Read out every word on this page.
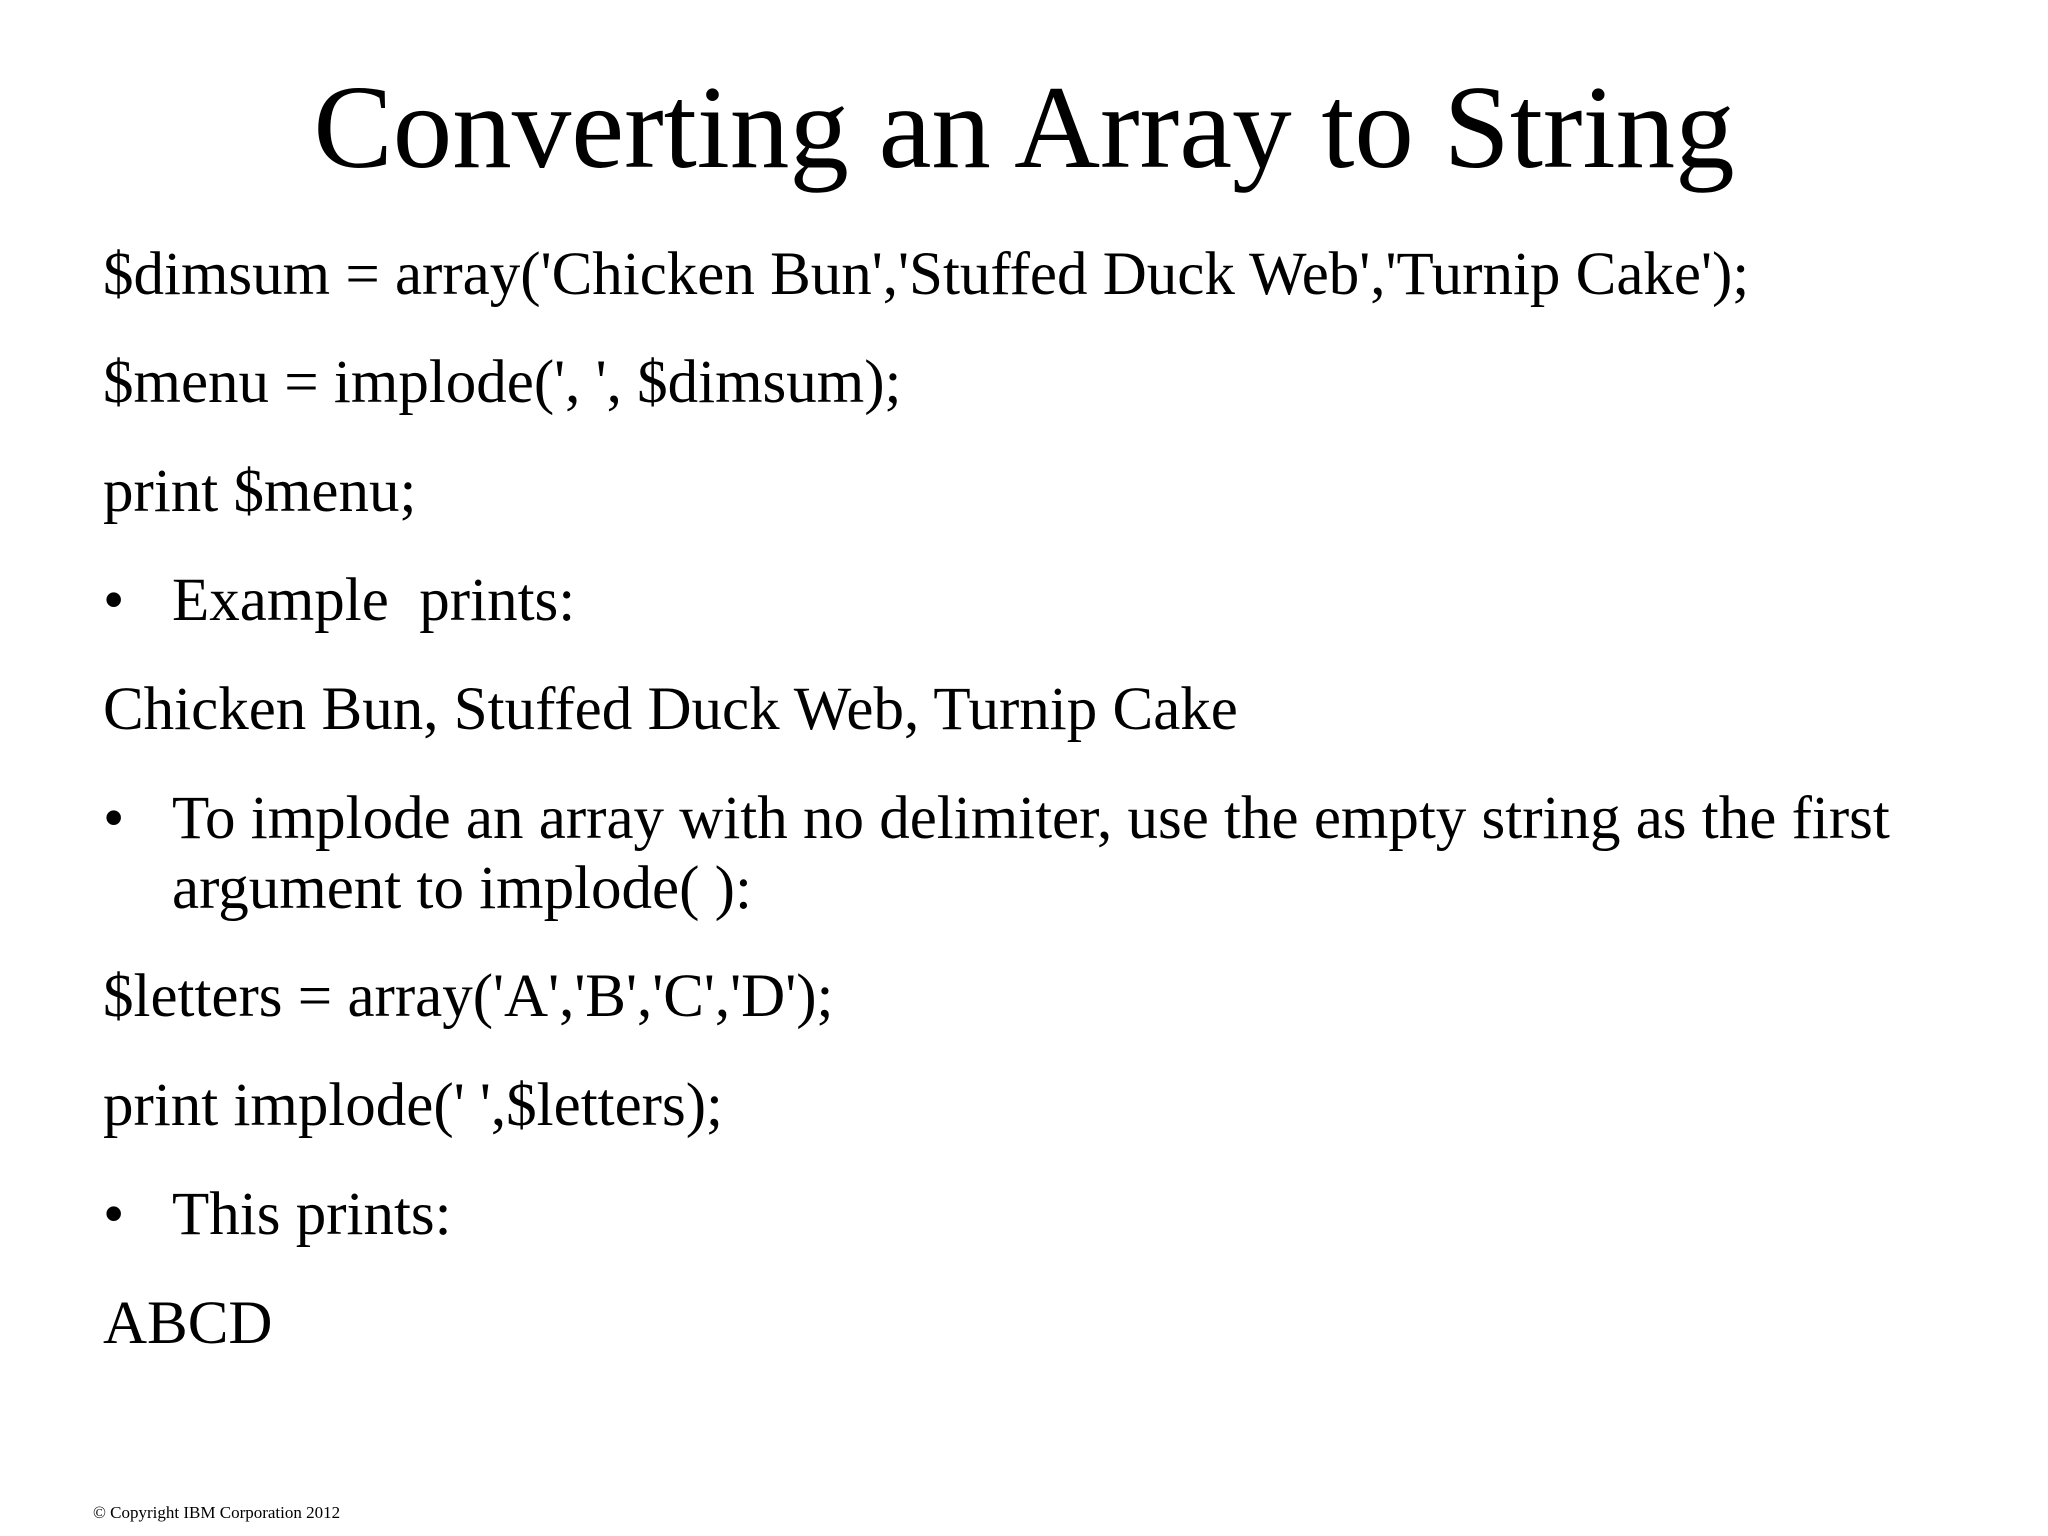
Converting an Array to String
$dimsum = array('Chicken Bun','Stuffed Duck Web','Turnip Cake');
$menu = implode(', ', $dimsum);
print $menu;
• Example  prints:
Chicken Bun, Stuffed Duck Web, Turnip Cake
• To implode an array with no delimiter, use the empty string as the first
argument to implode( ):
$letters = array('A','B','C','D');
print implode(' ',$letters);
• This prints:
ABCD
© Copyright IBM Corporation 2012
